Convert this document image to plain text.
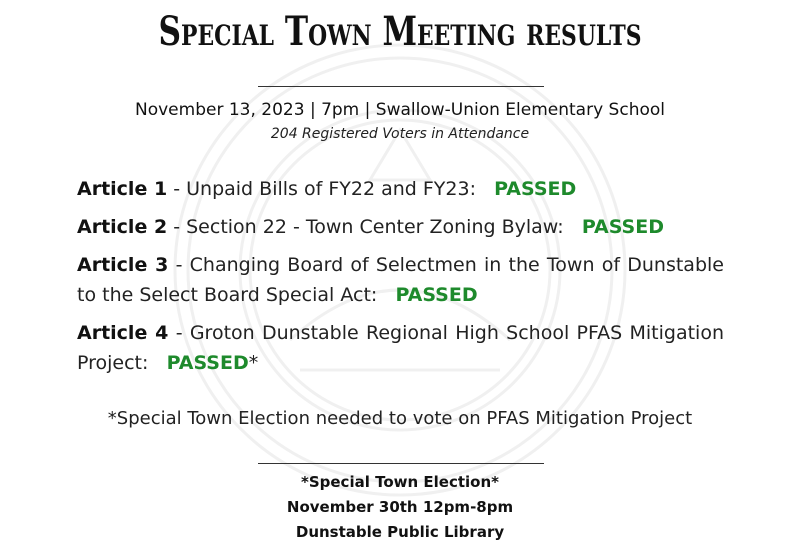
Special Town Meeting results
November 13, 2023 | 7pm | Swallow-Union Elementary School
204 Registered Voters in Attendance
Article 1 - Unpaid Bills of FY22 and FY23: PASSED
Article 2 - Section 22 - Town Center Zoning Bylaw: PASSED
Article 3 - Changing Board of Selectmen in the Town of Dunstable to the Select Board Special Act: PASSED
Article 4 - Groton Dunstable Regional High School PFAS Mitigation Project: PASSED*
*Special Town Election needed to vote on PFAS Mitigation Project
*Special Town Election*
November 30th 12pm-8pm
Dunstable Public Library
